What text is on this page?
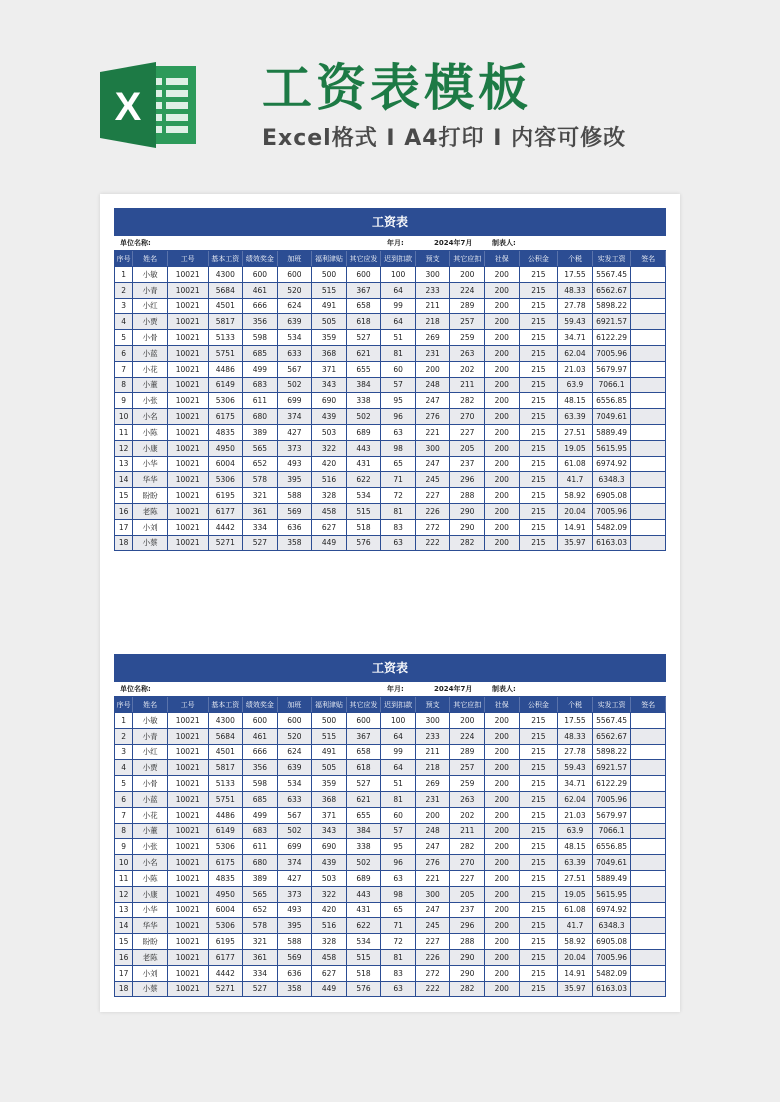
X 工资表模板
Excel格式 I A4打印 I 内容可修改
工资表
单位名称:	年月:	2024年7月	制表人:
序号	姓名	工号	基本工资	绩效奖金	加班	福利津贴	其它应发	迟到扣款	预支	其它应扣	社保	公积金	个税	实发工资	签名
1	小敏	10021	4300	600	600	500	600	100	300	200	200	215	17.55	5567.45	
2	小青	10021	5684	461	520	515	367	64	233	224	200	215	48.33	6562.67	
3	小红	10021	4501	666	624	491	658	99	211	289	200	215	27.78	5898.22	
4	小贾	10021	5817	356	639	505	618	64	218	257	200	215	59.43	6921.57	
5	小骨	10021	5133	598	534	359	527	51	269	259	200	215	34.71	6122.29	
6	小蓝	10021	5751	685	633	368	621	81	231	263	200	215	62.04	7005.96	
7	小花	10021	4486	499	567	371	655	60	200	202	200	215	21.03	5679.97	
8	小董	10021	6149	683	502	343	384	57	248	211	200	215	63.9	7066.1	
9	小张	10021	5306	611	699	690	338	95	247	282	200	215	48.15	6556.85	
10	小名	10021	6175	680	374	439	502	96	276	270	200	215	63.39	7049.61	
11	小陈	10021	4835	389	427	503	689	63	221	227	200	215	27.51	5889.49	
12	小康	10021	4950	565	373	322	443	98	300	205	200	215	19.05	5615.95	
13	小华	10021	6004	652	493	420	431	65	247	237	200	215	61.08	6974.92	
14	华华	10021	5306	578	395	516	622	71	245	296	200	215	41.7	6348.3	
15	盼盼	10021	6195	321	588	328	534	72	227	288	200	215	58.92	6905.08	
16	老陈	10021	6177	361	569	458	515	81	226	290	200	215	20.04	7005.96	
17	小刘	10021	4442	334	636	627	518	83	272	290	200	215	14.91	5482.09	
18	小蔡	10021	5271	527	358	449	576	63	222	282	200	215	35.97	6163.03	
工资表
单位名称:	年月:	2024年7月	制表人:
序号	姓名	工号	基本工资	绩效奖金	加班	福利津贴	其它应发	迟到扣款	预支	其它应扣	社保	公积金	个税	实发工资	签名
1	小敏	10021	4300	600	600	500	600	100	300	200	200	215	17.55	5567.45	
2	小青	10021	5684	461	520	515	367	64	233	224	200	215	48.33	6562.67	
3	小红	10021	4501	666	624	491	658	99	211	289	200	215	27.78	5898.22	
4	小贾	10021	5817	356	639	505	618	64	218	257	200	215	59.43	6921.57	
5	小骨	10021	5133	598	534	359	527	51	269	259	200	215	34.71	6122.29	
6	小蓝	10021	5751	685	633	368	621	81	231	263	200	215	62.04	7005.96	
7	小花	10021	4486	499	567	371	655	60	200	202	200	215	21.03	5679.97	
8	小董	10021	6149	683	502	343	384	57	248	211	200	215	63.9	7066.1	
9	小张	10021	5306	611	699	690	338	95	247	282	200	215	48.15	6556.85	
10	小名	10021	6175	680	374	439	502	96	276	270	200	215	63.39	7049.61	
11	小陈	10021	4835	389	427	503	689	63	221	227	200	215	27.51	5889.49	
12	小康	10021	4950	565	373	322	443	98	300	205	200	215	19.05	5615.95	
13	小华	10021	6004	652	493	420	431	65	247	237	200	215	61.08	6974.92	
14	华华	10021	5306	578	395	516	622	71	245	296	200	215	41.7	6348.3	
15	盼盼	10021	6195	321	588	328	534	72	227	288	200	215	58.92	6905.08	
16	老陈	10021	6177	361	569	458	515	81	226	290	200	215	20.04	7005.96	
17	小刘	10021	4442	334	636	627	518	83	272	290	200	215	14.91	5482.09	
18	小蔡	10021	5271	527	358	449	576	63	222	282	200	215	35.97	6163.03	
